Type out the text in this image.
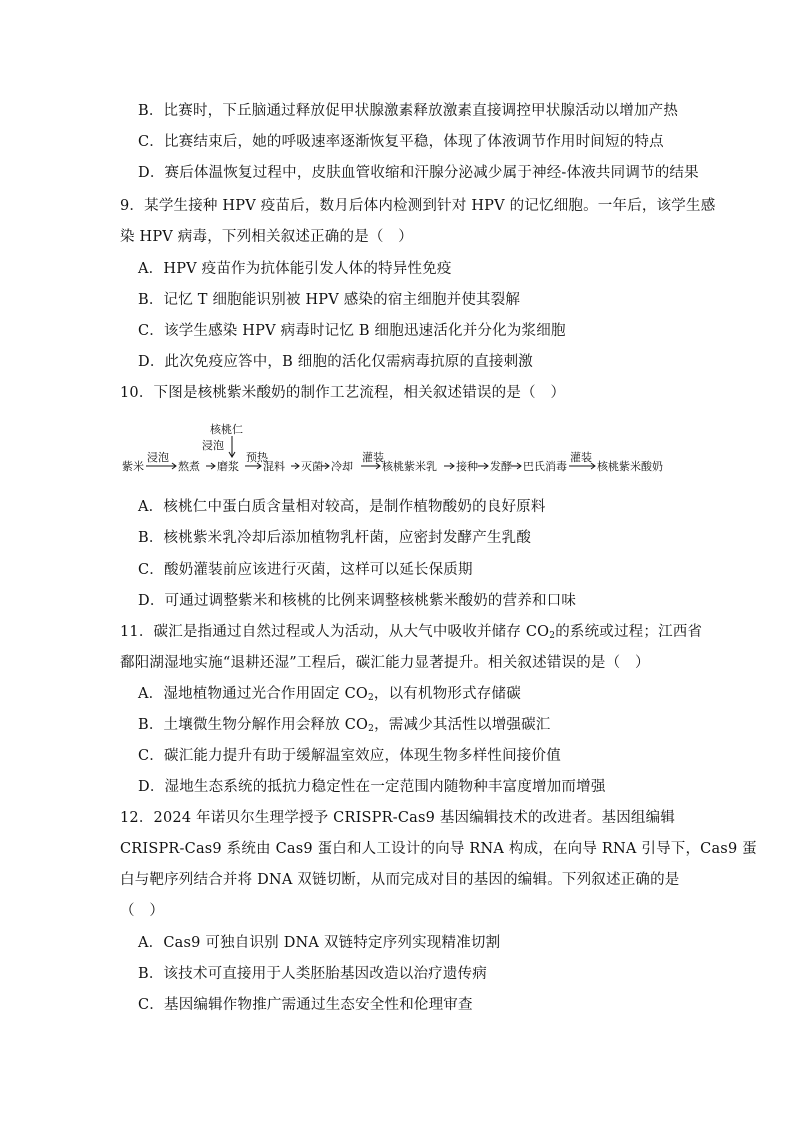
B．比赛时，下丘脑通过释放促甲状腺激素释放激素直接调控甲状腺活动以增加产热
C．比赛结束后，她的呼吸速率逐渐恢复平稳，体现了体液调节作用时间短的特点
D．赛后体温恢复过程中，皮肤血管收缩和汗腺分泌减少属于神经-体液共同调节的结果
9．某学生接种 HPV 疫苗后，数月后体内检测到针对 HPV 的记忆细胞。一年后，该学生感
染 HPV 病毒，下列相关叙述正确的是（　）
A．HPV 疫苗作为抗体能引发人体的特异性免疫
B．记忆 T 细胞能识别被 HPV 感染的宿主细胞并使其裂解
C．该学生感染 HPV 病毒时记忆 B 细胞迅速活化并分化为浆细胞
D．此次免疫应答中，B 细胞的活化仅需病毒抗原的直接刺激
10．下图是核桃紫米酸奶的制作工艺流程，相关叙述错误的是（　）
核桃仁
浸泡
紫米	熬煮 磨浆 混料 灭菌 冷却	核桃紫米乳 接种 发酵 巴氏消毒	核桃紫米酸奶
浸泡	预热	灌装	灌装
A．核桃仁中蛋白质含量相对较高，是制作植物酸奶的良好原料
B．核桃紫米乳冷却后添加植物乳杆菌，应密封发酵产生乳酸
C．酸奶灌装前应该进行灭菌，这样可以延长保质期
D．可通过调整紫米和核桃的比例来调整核桃紫米酸奶的营养和口味
11．碳汇是指通过自然过程或人为活动，从大气中吸收并储存 $CO_2$的系统或过程；江西省
鄱阳湖湿地实施“退耕还湿”工程后，碳汇能力显著提升。相关叙述错误的是（　）
A．湿地植物通过光合作用固定 $CO_2$，以有机物形式存储碳
B．土壤微生物分解作用会释放 $CO_2$，需减少其活性以增强碳汇
C．碳汇能力提升有助于缓解温室效应，体现生物多样性间接价值
D．湿地生态系统的抵抗力稳定性在一定范围内随物种丰富度增加而增强
12．2024 年诺贝尔生理学授予 CRISPR-Cas9 基因编辑技术的改进者。基因组编辑
CRISPR-Cas9 系统由 Cas9 蛋白和人工设计的向导 RNA 构成，在向导 RNA 引导下，Cas9 蛋
白与靶序列结合并将 DNA 双链切断，从而完成对目的基因的编辑。下列叙述正确的是
（　）
A．Cas9 可独自识别 DNA 双链特定序列实现精准切割
B．该技术可直接用于人类胚胎基因改造以治疗遗传病
C．基因编辑作物推广需通过生态安全性和伦理审查
